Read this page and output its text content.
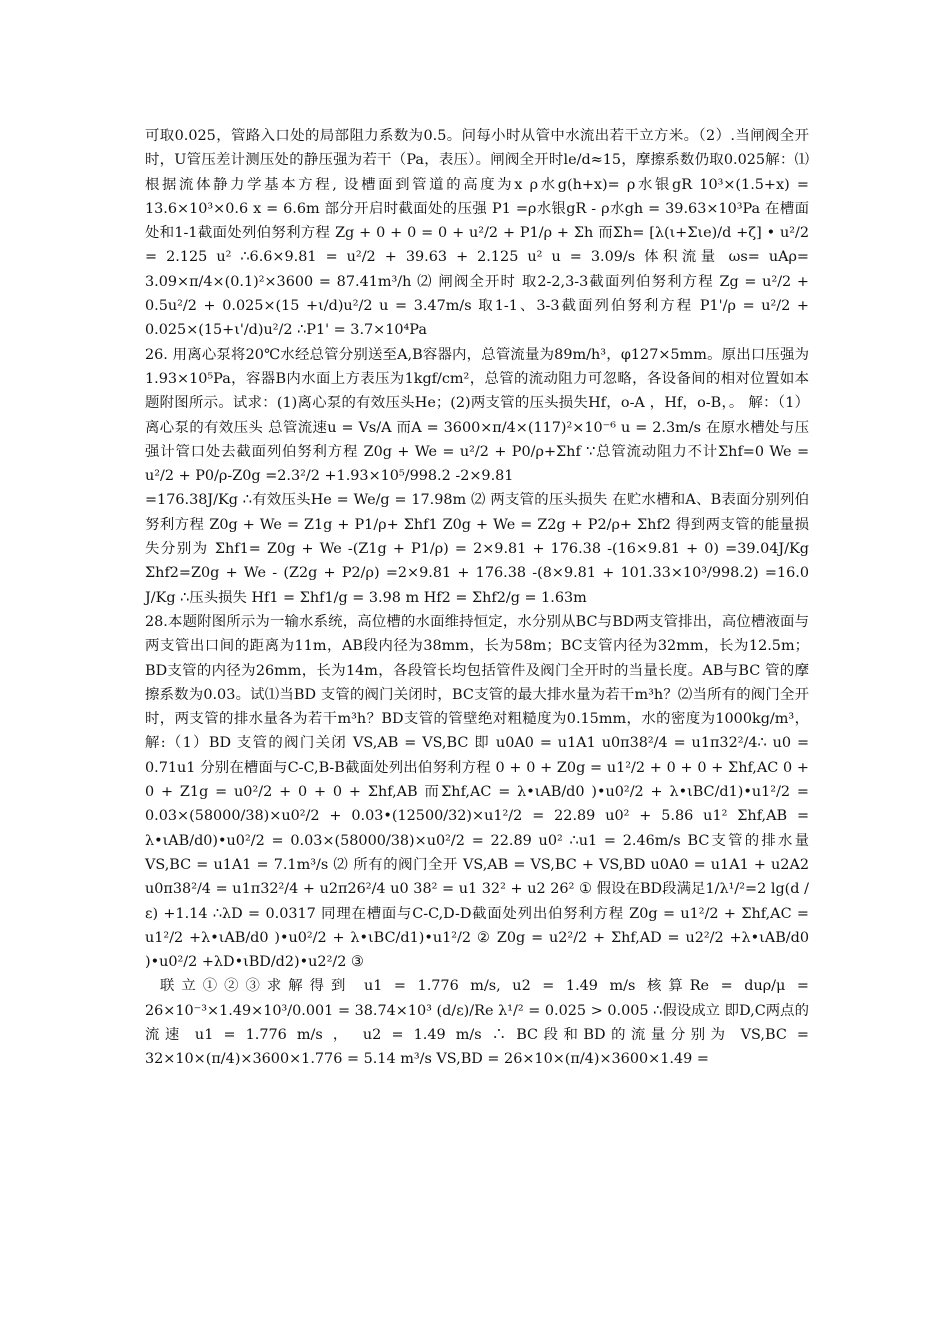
可取0.025，管路入口处的局部阻力系数为0.5。问每小时从管中水流出若干立方米。（2）.当闸阀全开时，U管压差计测压处的静压强为若干（Pa，表压）。闸阀全开时le/d≈15，摩擦系数仍取0.025解：⑴根据流体静力学基本方程, 设槽面到管道的高度为x ρ水g(h+x)= ρ水银gR 10³×(1.5+x) = 13.6×10³×0.6 x = 6.6m 部分开启时截面处的压强 P1 =ρ水银gR - ρ水gh = 39.63×10³Pa 在槽面处和1-1截面处列伯努利方程 Zg + 0 + 0 = 0 + u²/2 + P1/ρ + Σh 而Σh= [λ(ι+Σιe)/d +ζ] • u²/2 = 2.125 u² ∴6.6×9.81 = u²/2 + 39.63 + 2.125 u² u = 3.09/s 体积流量 ωs= uAρ= 3.09×π/4×(0.1)²×3600 = 87.41m³/h ⑵ 闸阀全开时 取2-2,3-3截面列伯努利方程 Zg = u²/2 + 0.5u²/2 + 0.025×(15 +ι/d)u²/2 u = 3.47m/s 取1-1、3-3截面列伯努利方程 P1'/ρ = u²/2 + 0.025×(15+ι'/d)u²/2 ∴P1' = 3.7×10⁴Pa

26. 用离心泵将20℃水经总管分别送至A,B容器内，总管流量为89m/h³，φ127×5mm。原出口压强为1.93×10⁵Pa，容器B内水面上方表压为1kgf/cm²，总管的流动阻力可忽略，各设备间的相对位置如本题附图所示。试求：(1)离心泵的有效压头He；(2)两支管的压头损失Hf，o-A ，Hf，o-B，。 解：（1）离心泵的有效压头 总管流速u = Vs/A 而A = 3600×π/4×(117)²×10⁻⁶ u = 2.3m/s 在原水槽处与压强计管口处去截面列伯努利方程 Z0g + We = u²/2 + P0/ρ+Σhf ∵总管流动阻力不计Σhf=0 We = u²/2 + P0/ρ-Z0g =2.3²/2 +1.93×10⁵/998.2 -2×9.81

=176.38J/Kg ∴有效压头He = We/g = 17.98m ⑵ 两支管的压头损失 在贮水槽和A、B表面分别列伯努利方程 Z0g + We = Z1g + P1/ρ+ Σhf1 Z0g + We = Z2g + P2/ρ+ Σhf2 得到两支管的能量损失分别为 Σhf1= Z0g + We -(Z1g + P1/ρ) = 2×9.81 + 176.38 -(16×9.81 + 0) =39.04J/Kg Σhf2=Z0g + We - (Z2g + P2/ρ) =2×9.81 + 176.38 -(8×9.81 + 101.33×10³/998.2) =16.0 J/Kg ∴压头损失 Hf1 = Σhf1/g = 3.98 m Hf2 = Σhf2/g = 1.63m

28.本题附图所示为一输水系统，高位槽的水面维持恒定，水分别从BC与BD两支管排出，高位槽液面与两支管出口间的距离为11m，AB段内径为38mm，长为58m；BC支管内径为32mm，长为12.5m；BD支管的内径为26mm，长为14m，各段管长均包括管件及阀门全开时的当量长度。AB与BC 管的摩擦系数为0.03。试⑴当BD 支管的阀门关闭时，BC支管的最大排水量为若干m³h？⑵当所有的阀门全开时，两支管的排水量各为若干m³h？BD支管的管壁绝对粗糙度为0.15mm，水的密度为1000kg/m³， 解:（1）BD 支管的阀门关闭 VS,AB = VS,BC 即 u0A0 = u1A1 u0π38²/4 = u1π32²/4∴ u0 = 0.71u1 分别在槽面与C-C,B-B截面处列出伯努利方程 0 + 0 + Z0g = u1²/2 + 0 + 0 + Σhf,AC 0 + 0 + Z1g = u0²/2 + 0 + 0 + Σhf,AB 而Σhf,AC = λ•ιAB/d0 )•u0²/2 + λ•ιBC/d1)•u1²/2 = 0.03×(58000/38)×u0²/2 + 0.03•(12500/32)×u1²/2 = 22.89 u0² + 5.86 u1² Σhf,AB = λ•ιAB/d0)•u0²/2 = 0.03×(58000/38)×u0²/2 = 22.89 u0² ∴u1 = 2.46m/s BC支管的排水量 VS,BC = u1A1 = 7.1m³/s ⑵ 所有的阀门全开 VS,AB = VS,BC + VS,BD u0A0 = u1A1 + u2A2 u0π38²/4 = u1π32²/4 + u2π26²/4 u0 38² = u1 32² + u2 26² ① 假设在BD段满足1/λ¹/²=2 lg(d /ε) +1.14 ∴λD = 0.0317 同理在槽面与C-C,D-D截面处列出伯努利方程 Z0g = u1²/2 + Σhf,AC = u1²/2 +λ•ιAB/d0 )•u0²/2 + λ•ιBC/d1)•u1²/2 ② Z0g = u2²/2 + Σhf,AD = u2²/2 +λ•ιAB/d0 )•u0²/2 +λD•ιBD/d2)•u2²/2 ③

联立①②③求解得到 u1 = 1.776 m/s, u2 = 1.49 m/s 核算Re = duρ/μ = 26×10⁻³×1.49×10³/0.001 = 38.74×10³ (d/ε)/Re λ¹/² = 0.025 > 0.005 ∴假设成立 即D,C两点的流速 u1 = 1.776 m/s ， u2 = 1.49 m/s ∴ BC段和BD的流量分别为 VS,BC = 32×10×(π/4)×3600×1.776 = 5.14 m³/s VS,BD = 26×10×(π/4)×3600×1.49 =
